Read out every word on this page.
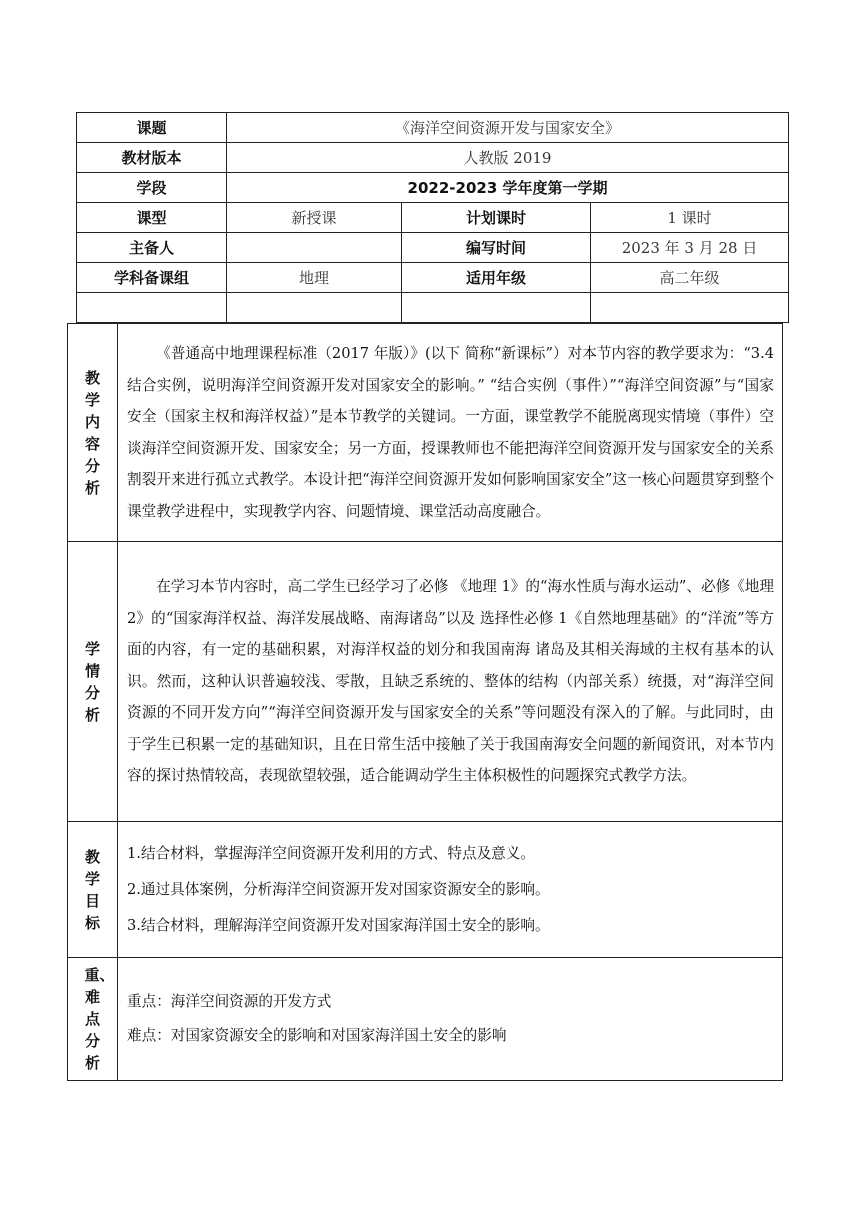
课题	《海洋空间资源开发与国家安全》		
教材版本	人教版 2019		
学段	2022-2023 学年度第一学期		
课型	新授课	计划课时	1 课时
主备人		编写时间	2023 年 3 月 28 日
学科备课组	地理	适用年级	高二年级

教学内容分析	《普通高中地理课程标准（2017 年版）》(以下 简称“新课标”）对本节内容的教学要求为：“3.4 结合实例，说明海洋空间资源开发对国家安全的影响。” “结合实例（事件）”“海洋空间资源”与“国家安全（国家主权和海洋权益）”是本节教学的关键词。一方面，课堂教学不能脱离现实情境（事件）空谈海洋空间资源开发、国家安全；另一方面，授课教师也不能把海洋空间资源开发与国家安全的关系割裂开来进行孤立式教学。本设计把“海洋空间资源开发如何影响国家安全”这一核心问题贯穿到整个课堂教学进程中，实现教学内容、问题情境、课堂活动高度融合。

学情分析	在学习本节内容时，高二学生已经学习了必修 《地理 1》的“海水性质与海水运动”、必修《地理 2》的“国家海洋权益、海洋发展战略、南海诸岛”以及 选择性必修 1《自然地理基础》的“洋流”等方面的内容，有一定的基础积累，对海洋权益的划分和我国南海 诸岛及其相关海域的主权有基本的认识。然而，这种认识普遍较浅、零散，且缺乏系统的、整体的结构（内部关系）统摄，对“海洋空间资源的不同开发方向”“海洋空间资源开发与国家安全的关系”等问题没有深入的了解。与此同时，由于学生已积累一定的基础知识，且在日常生活中接触了关于我国南海安全问题的新闻资讯，对本节内容的探讨热情较高，表现欲望较强，适合能调动学生主体积极性的问题探究式教学方法。

教学目标	1.结合材料，掌握海洋空间资源开发利用的方式、特点及意义。

2.通过具体案例，分析海洋空间资源开发对国家资源安全的影响。

3.结合材料，理解海洋空间资源开发对国家海洋国土安全的影响。

重、难点分析	重点：海洋空间资源的开发方式

难点：对国家资源安全的影响和对国家海洋国土安全的影响
